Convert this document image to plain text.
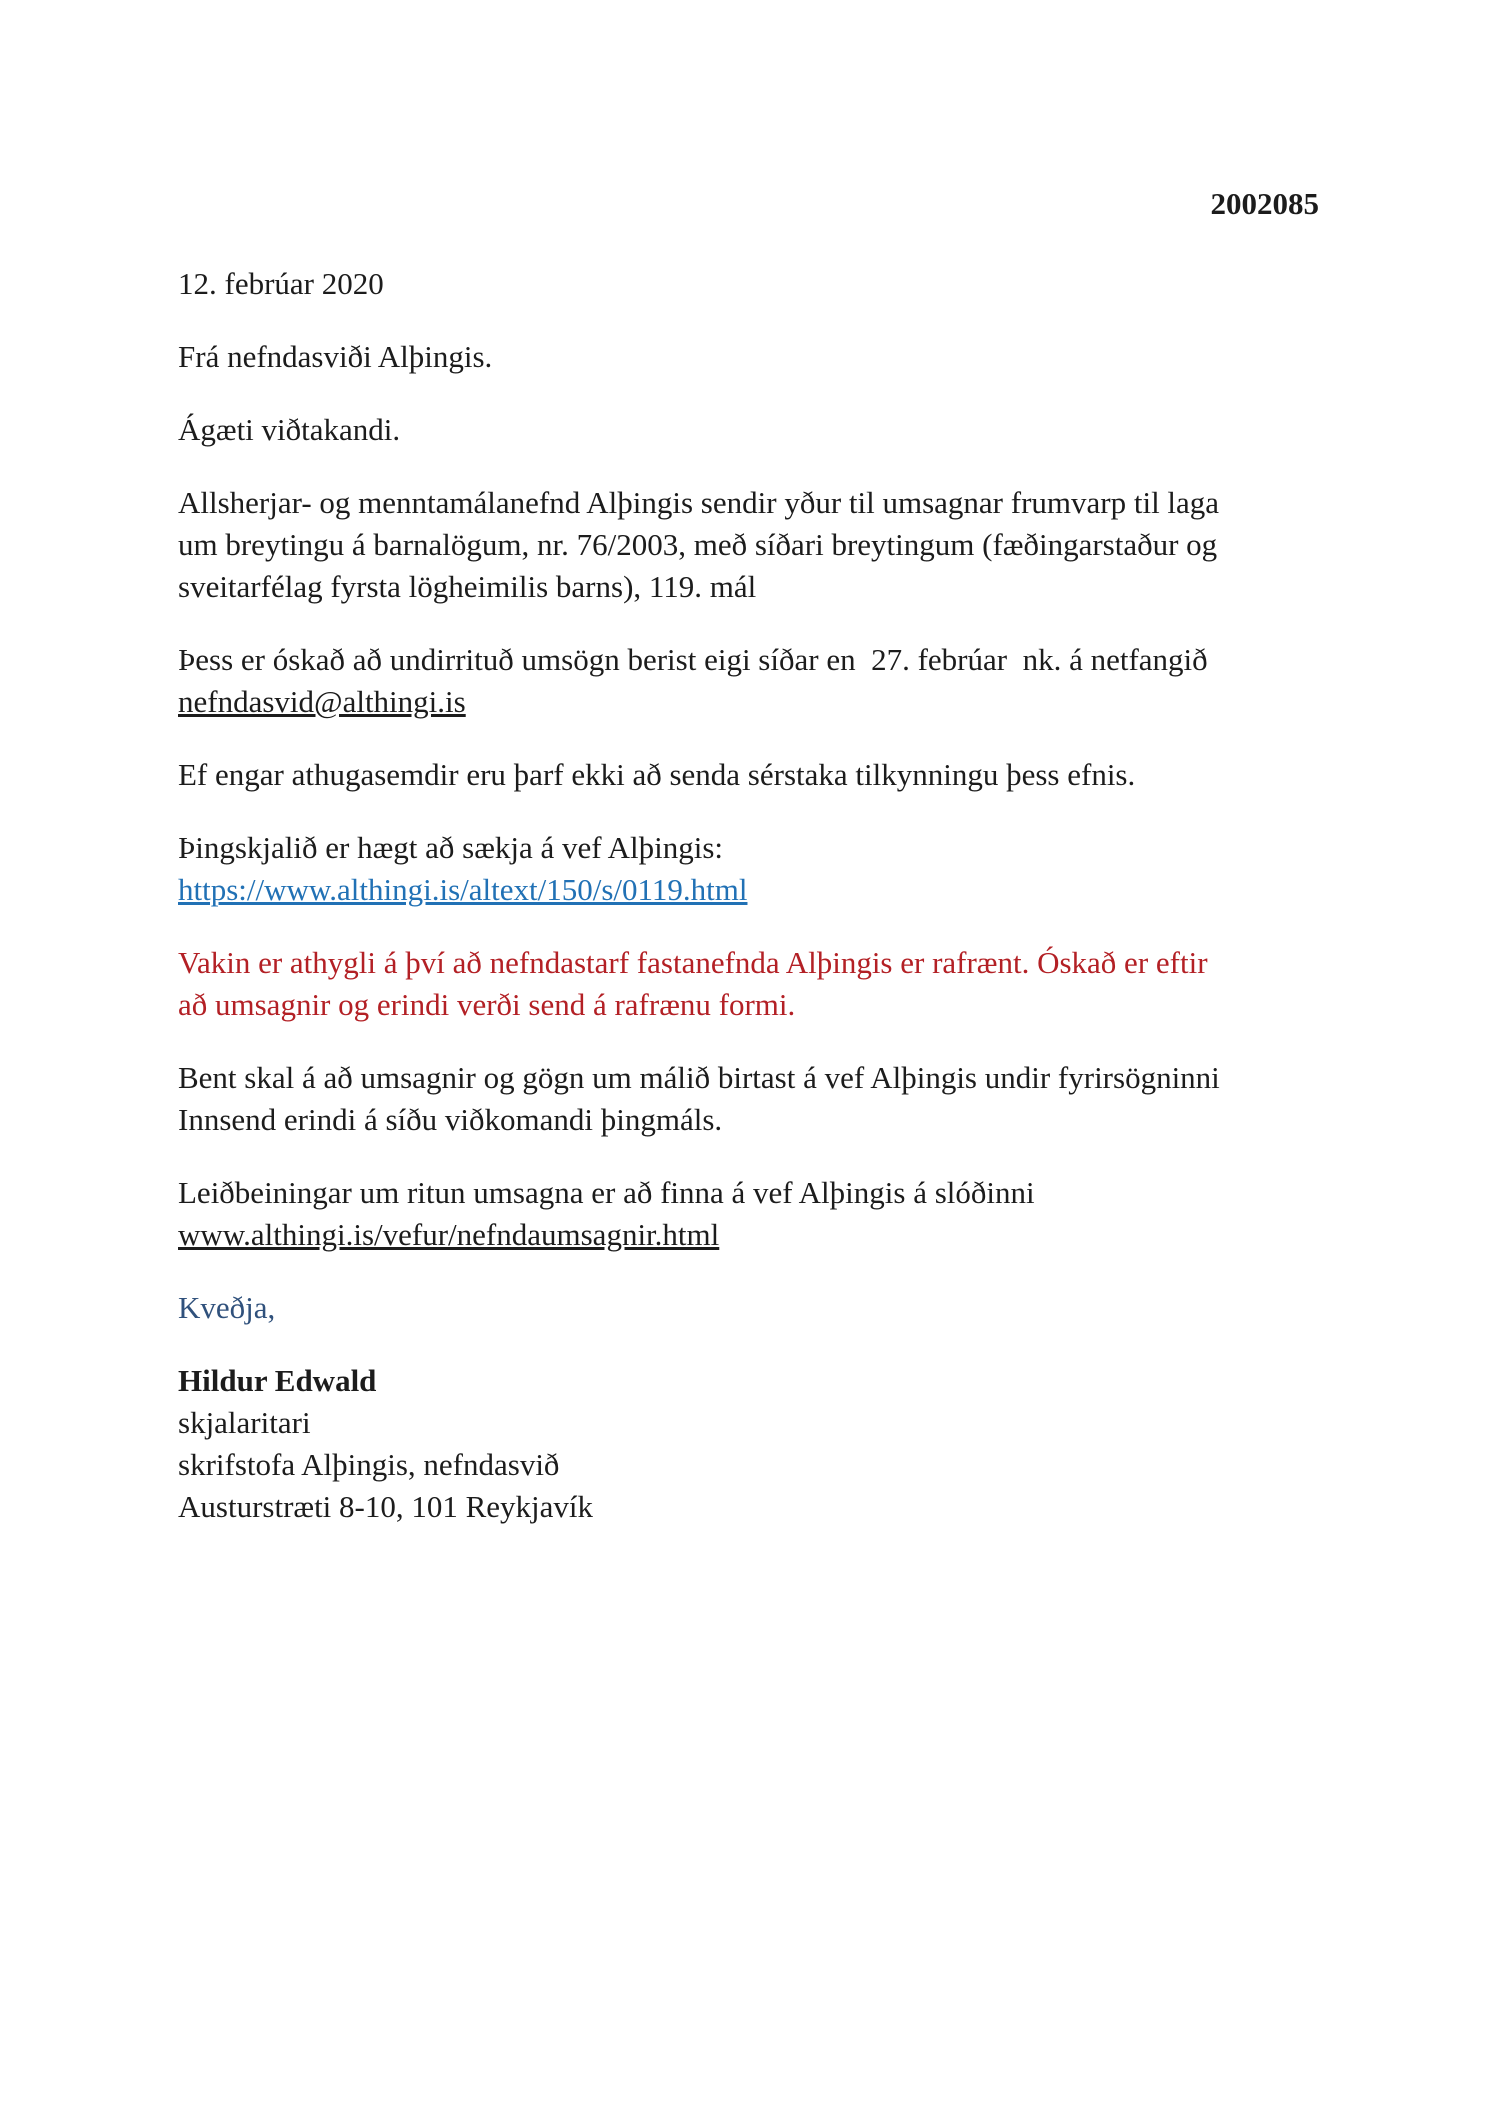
2002085
12. febrúar 2020
Frá nefndasviði Alþingis.
Ágæti viðtakandi.
Allsherjar- og menntamálanefnd Alþingis sendir yður til umsagnar frumvarp til laga
um breytingu á barnalögum, nr. 76/2003, með síðari breytingum (fæðingarstaður og
sveitarfélag fyrsta lögheimilis barns), 119. mál
Þess er óskað að undirrituð umsögn berist eigi síðar en  27. febrúar  nk. á netfangið
nefndasvid@althingi.is
Ef engar athugasemdir eru þarf ekki að senda sérstaka tilkynningu þess efnis.
Þingskjalið er hægt að sækja á vef Alþingis:
https://www.althingi.is/altext/150/s/0119.html
Vakin er athygli á því að nefndastarf fastanefnda Alþingis er rafrænt. Óskað er eftir
að umsagnir og erindi verði send á rafrænu formi.
Bent skal á að umsagnir og gögn um málið birtast á vef Alþingis undir fyrirsögninni
Innsend erindi á síðu viðkomandi þingmáls.
Leiðbeiningar um ritun umsagna er að finna á vef Alþingis á slóðinni
www.althingi.is/vefur/nefndaumsagnir.html
Kveðja,
Hildur Edwald
skjalaritari
skrifstofa Alþingis, nefndasvið
Austurstræti 8-10, 101 Reykjavík
